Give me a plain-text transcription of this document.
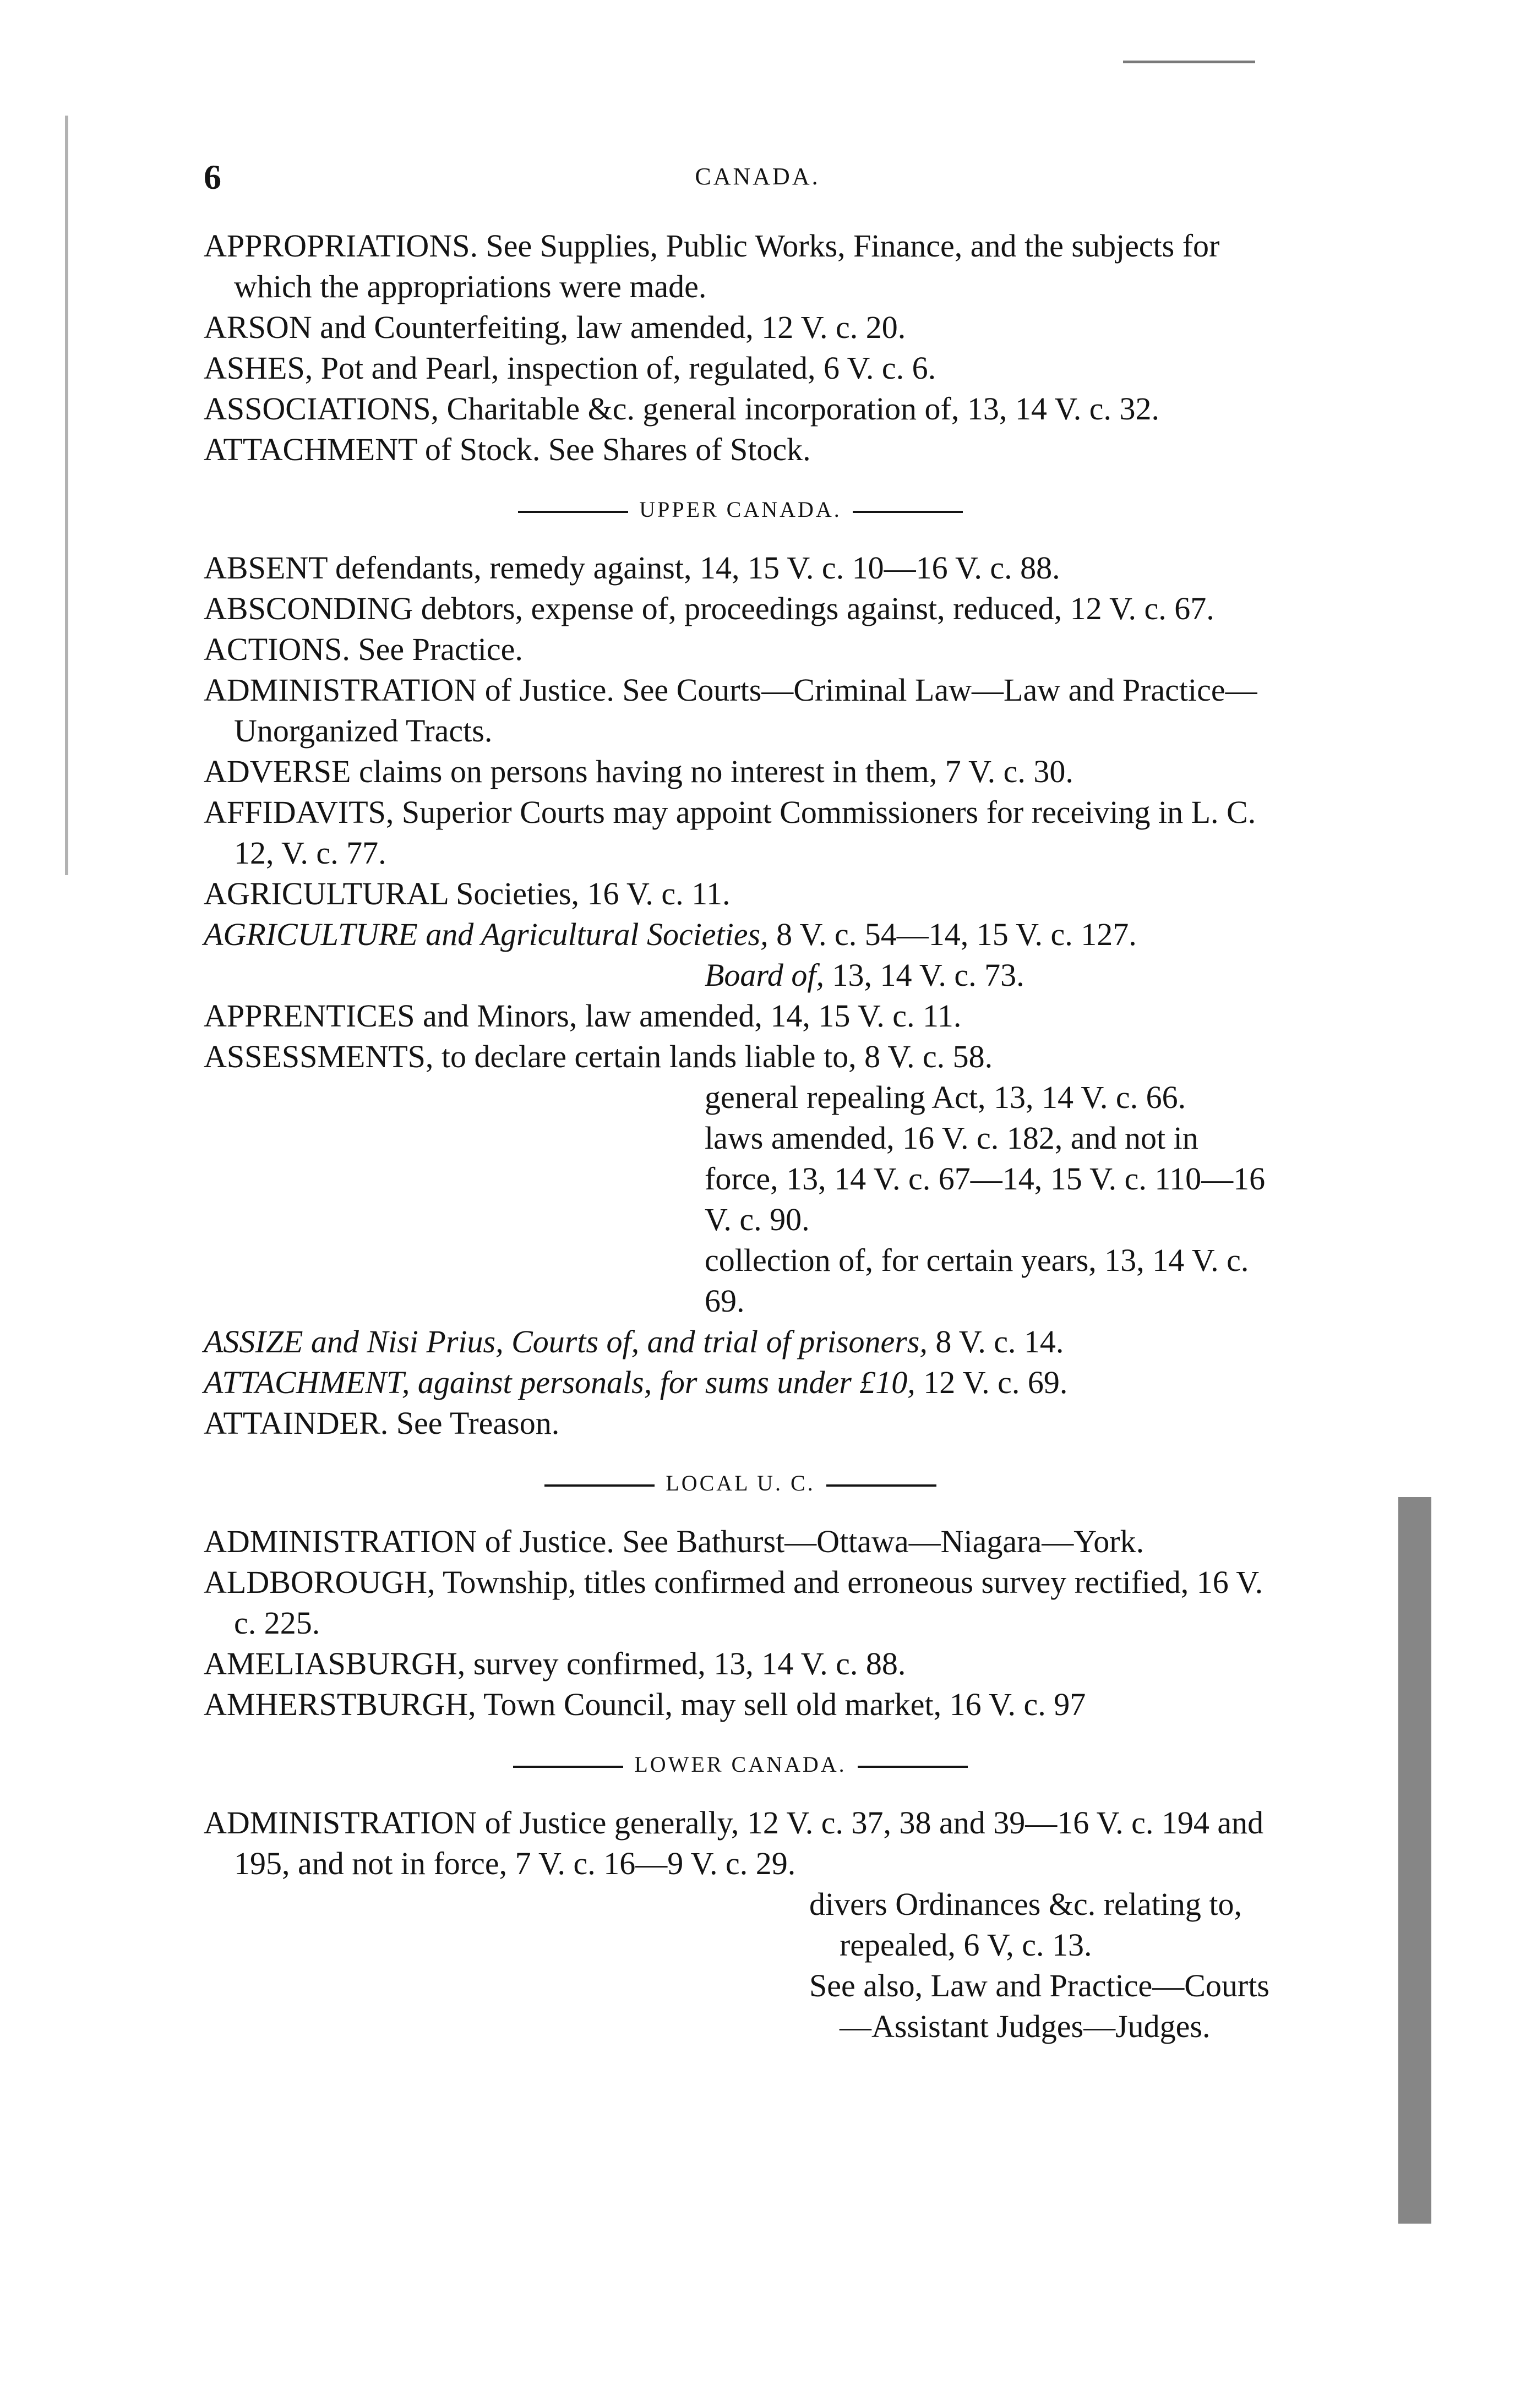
6	CANADA.

APPROPRIATIONS. See Supplies, Public Works, Finance, and the subjects for which the appropriations were made.

ARSON and Counterfeiting, law amended, 12 V. c. 20.

ASHES, Pot and Pearl, inspection of, regulated, 6 V. c. 6.

ASSOCIATIONS, Charitable &c. general incorporation of, 13, 14 V. c. 32.

ATTACHMENT of Stock. See Shares of Stock.

UPPER CANADA.

ABSENT defendants, remedy against, 14, 15 V. c. 10—16 V. c. 88.

ABSCONDING debtors, expense of, proceedings against, reduced, 12 V. c. 67.

ACTIONS. See Practice.

ADMINISTRATION of Justice. See Courts—Criminal Law—Law and Practice—Unorganized Tracts.

ADVERSE claims on persons having no interest in them, 7 V. c. 30.

AFFIDAVITS, Superior Courts may appoint Commissioners for receiving in L. C. 12, V. c. 77.

AGRICULTURAL Societies, 16 V. c. 11.

AGRICULTURE and Agricultural Societies, 8 V. c. 54—14, 15 V. c. 127.

Board of, 13, 14 V. c. 73.

APPRENTICES and Minors, law amended, 14, 15 V. c. 11.

ASSESSMENTS, to declare certain lands liable to, 8 V. c. 58.

general repealing Act, 13, 14 V. c. 66.

laws amended, 16 V. c. 182, and not in force, 13, 14 V. c. 67—14, 15 V. c. 110—16 V. c. 90.

collection of, for certain years, 13, 14 V. c. 69.

ASSIZE and Nisi Prius, Courts of, and trial of prisoners, 8 V. c. 14.

ATTACHMENT, against personals, for sums under £10, 12 V. c. 69.

ATTAINDER. See Treason.

LOCAL U. C.

ADMINISTRATION of Justice. See Bathurst—Ottawa—Niagara—York.

ALDBOROUGH, Township, titles confirmed and erroneous survey rectified, 16 V. c. 225.

AMELIASBURGH, survey confirmed, 13, 14 V. c. 88.

AMHERSTBURGH, Town Council, may sell old market, 16 V. c. 97

LOWER CANADA.

ADMINISTRATION of Justice generally, 12 V. c. 37, 38 and 39—16 V. c. 194 and 195, and not in force, 7 V. c. 16—9 V. c. 29.

divers Ordinances &c. relating to, repealed, 6 V, c. 13.

See also, Law and Practice—Courts—Assistant Judges—Judges.
